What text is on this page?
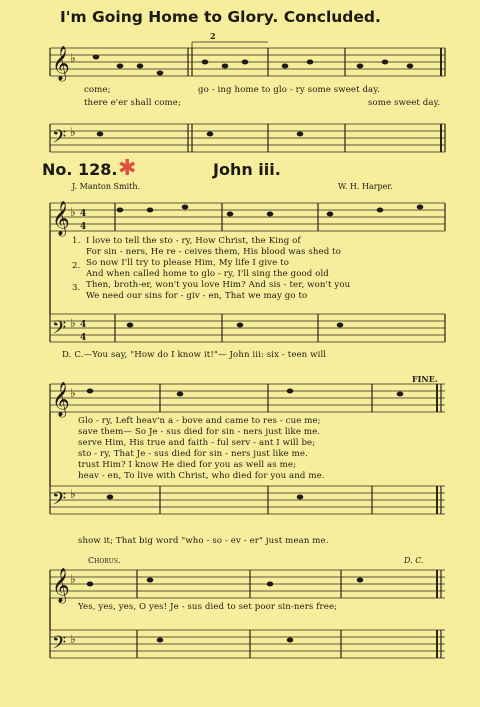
𝄞
𝄢
𝄞
𝄢
𝄞
𝄢
𝄞
𝄢
♭
♭
♭
♭
♭
♭
♭
♭
4
4
4
4
I'm Going Home to Glory. Concluded.
2
come;	go - ing home to glo - ry some sweet day.
there e'er shall come;	some sweet day.
No. 128. ✱	John iii.
J. Manton Smith.	W. H. Harper.
1. I love to tell the sto - ry, How Christ, the King of
For sin - ners, He re - ceives them, His blood was shed to
2. So now I'll try to please Him, My life I give to
And when called home to glo - ry, I'll sing the good old
3. Then, broth-er, won't you love Him? And sis - ter, won't you
We need our sins for - giv - en, That we may go to
D. C.—You say, "How do I know it!"— John iii: six - teen will
FINE.
Glo - ry, Left heav'n a - bove and came to res - cue me;
save them— So Je - sus died for sin - ners just like me.
serve Him, His true and faith - ful serv - ant I will be;
sto - ry, That Je - sus died for sin - ners just like me.
trust Him? I know He died for you as well as me;
heav - en, To live with Christ, who died for you and me.
show it; That big word "who - so - ev - er" just mean me.
Chorus.	D. C.
Yes, yes, yes, O yes! Je - sus died to set poor sin-ners free;
